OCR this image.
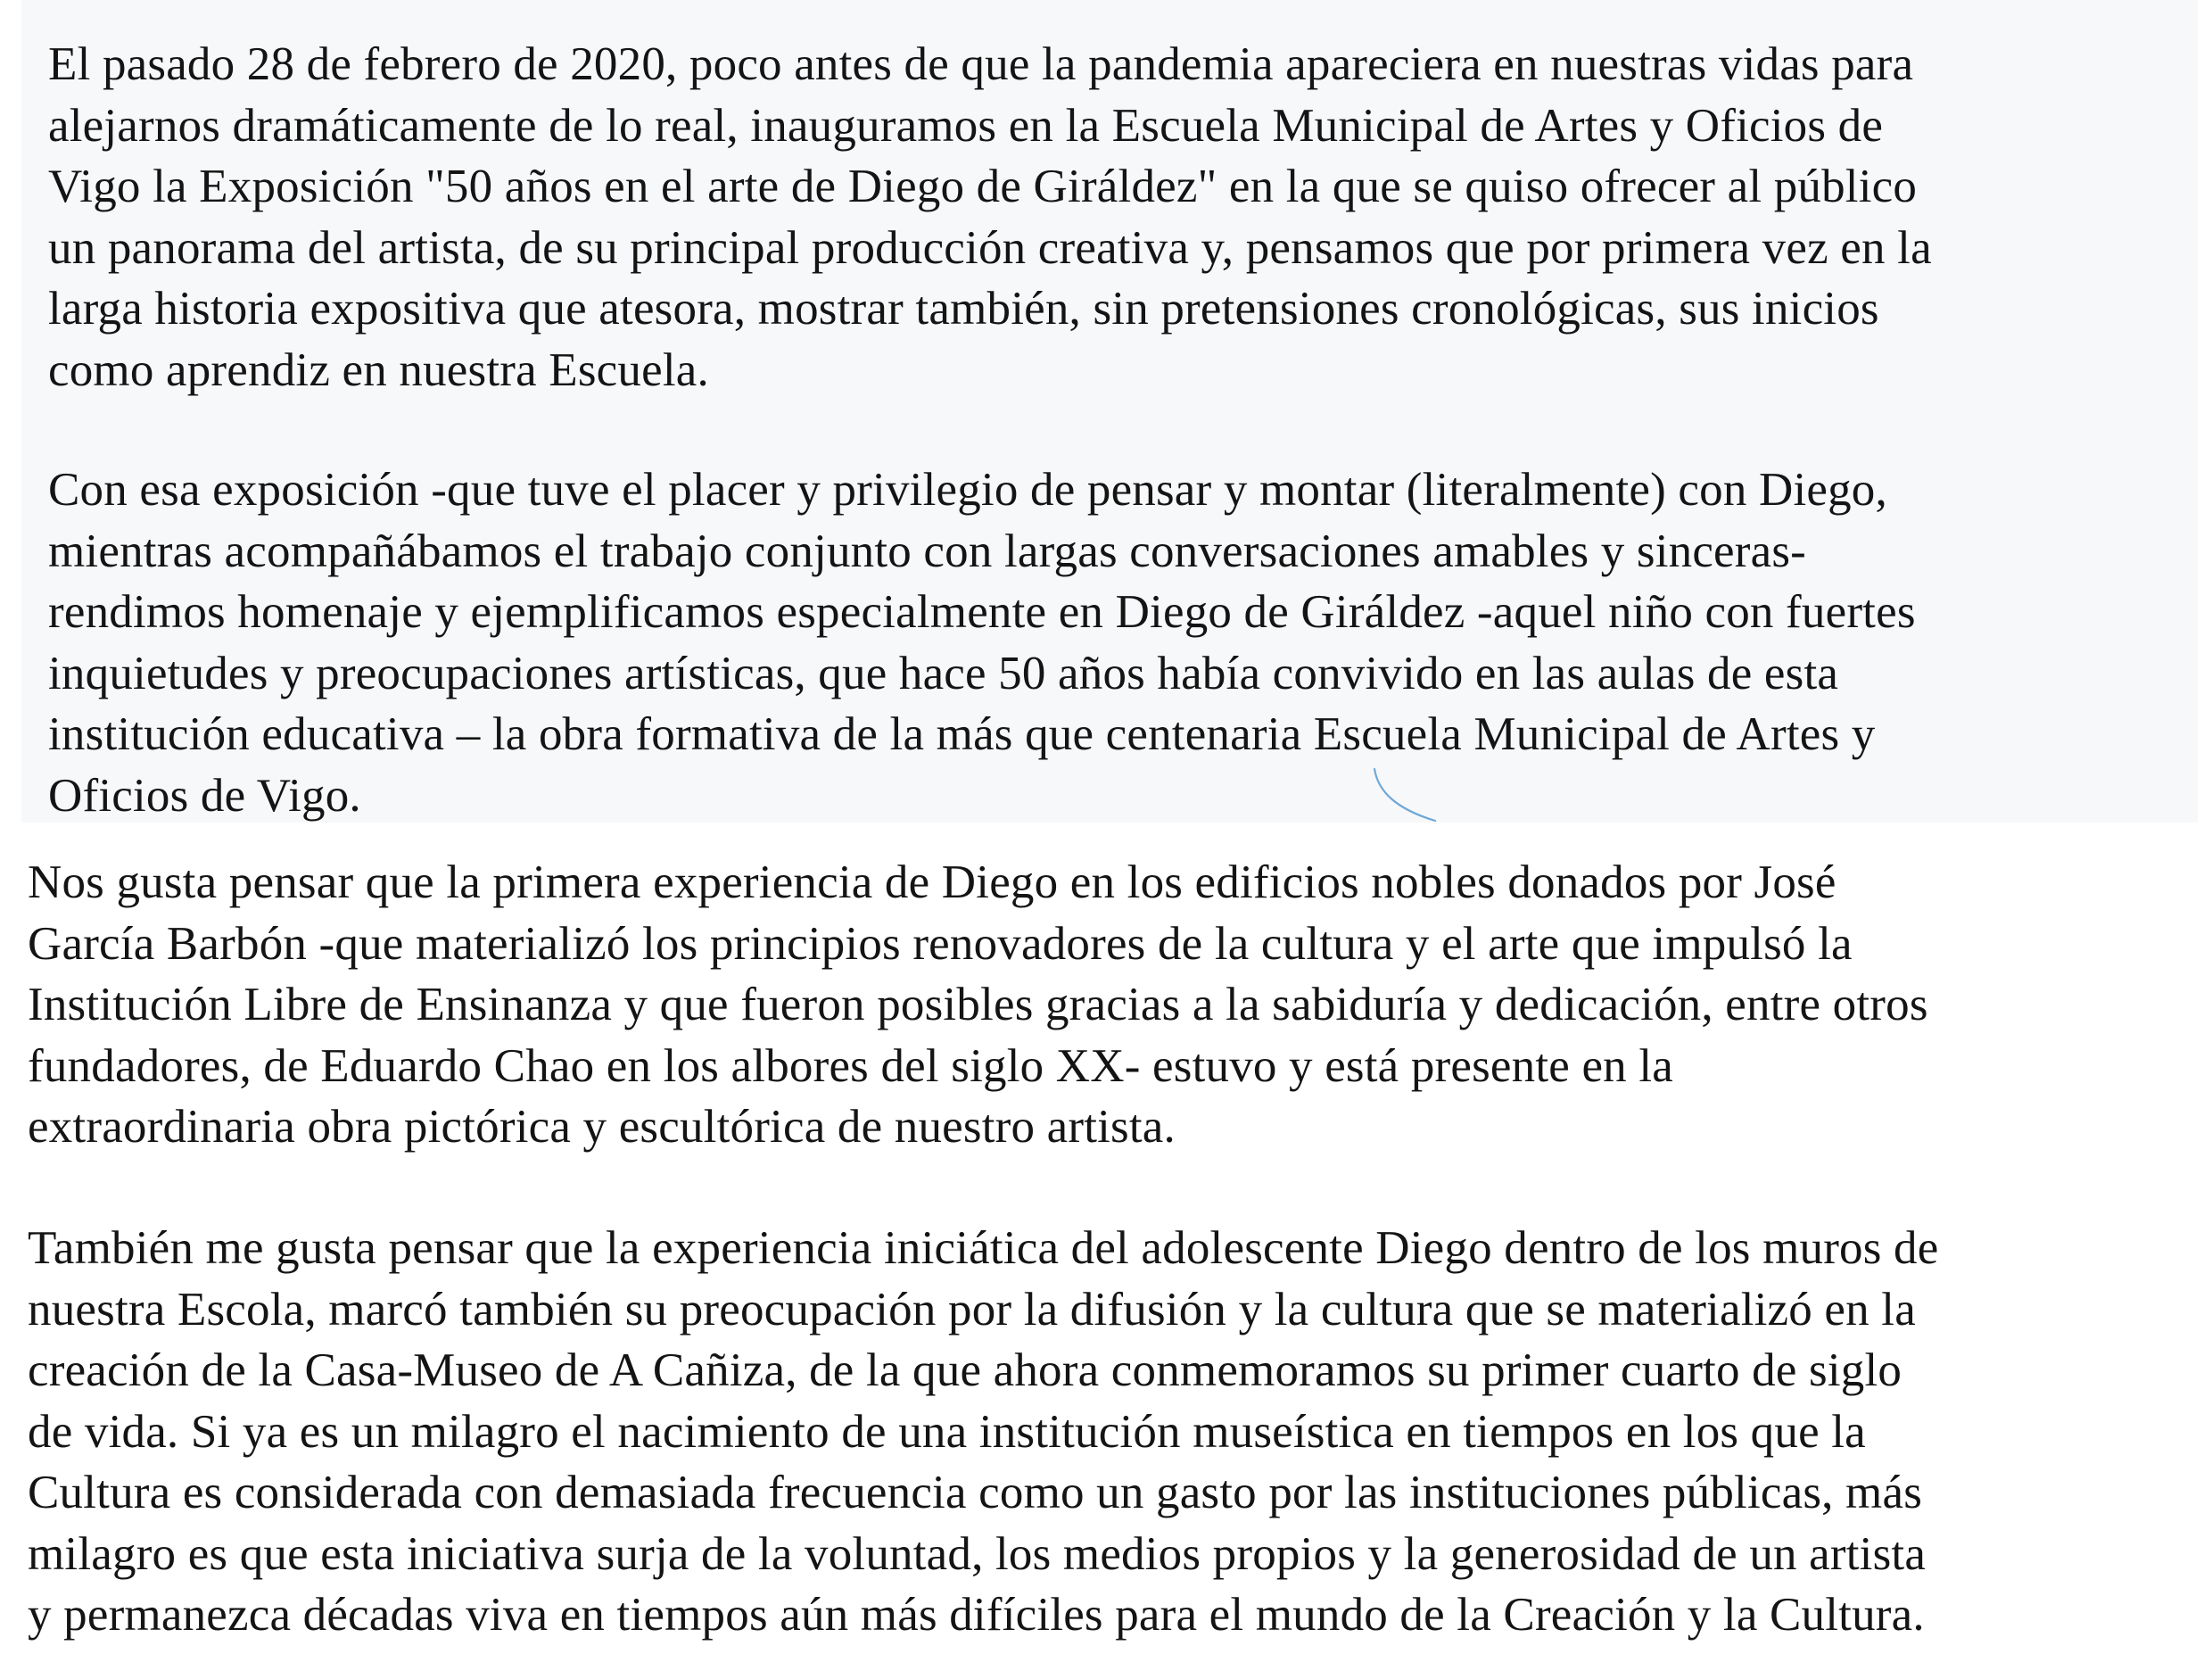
El pasado 28 de febrero de 2020, poco antes de que la pandemia apareciera en nuestras vidas para
alejarnos dramáticamente de lo real, inauguramos en la Escuela Municipal de Artes y Oficios de
Vigo la Exposición "50 años en el arte de Diego de Giráldez" en la que se quiso ofrecer al público
un panorama del artista, de su principal producción creativa y, pensamos que por primera vez en la
larga historia expositiva que atesora, mostrar también, sin pretensiones cronológicas, sus inicios
como aprendiz en nuestra Escuela.

Con esa exposición -que tuve el placer y privilegio de pensar y montar (literalmente) con Diego,
mientras acompañábamos el trabajo conjunto con largas conversaciones amables y sinceras-
rendimos homenaje y ejemplificamos especialmente en Diego de Giráldez -aquel niño con fuertes
inquietudes y preocupaciones artísticas, que hace 50 años había convivido en las aulas de esta
institución educativa – la obra formativa de la más que centenaria Escuela Municipal de Artes y
Oficios de Vigo.

Nos gusta pensar que la primera experiencia de Diego en los edificios nobles donados por José
García Barbón -que materializó los principios renovadores de la cultura y el arte que impulsó la
Institución Libre de Ensinanza y que fueron posibles gracias a la sabiduría y dedicación, entre otros
fundadores, de Eduardo Chao en los albores del siglo XX- estuvo y está presente en la
extraordinaria obra pictórica y escultórica de nuestro artista.

También me gusta pensar que la experiencia iniciática del adolescente Diego dentro de los muros de
nuestra Escola, marcó también su preocupación por la difusión y la cultura que se materializó en la
creación de la Casa-Museo de A Cañiza, de la que ahora conmemoramos su primer cuarto de siglo
de vida. Si ya es un milagro el nacimiento de una institución museística en tiempos en los que la
Cultura es considerada con demasiada frecuencia como un gasto por las instituciones públicas, más
milagro es que esta iniciativa surja de la voluntad, los medios propios y la generosidad de un artista
y permanezca décadas viva en tiempos aún más difíciles para el mundo de la Creación y la Cultura.
